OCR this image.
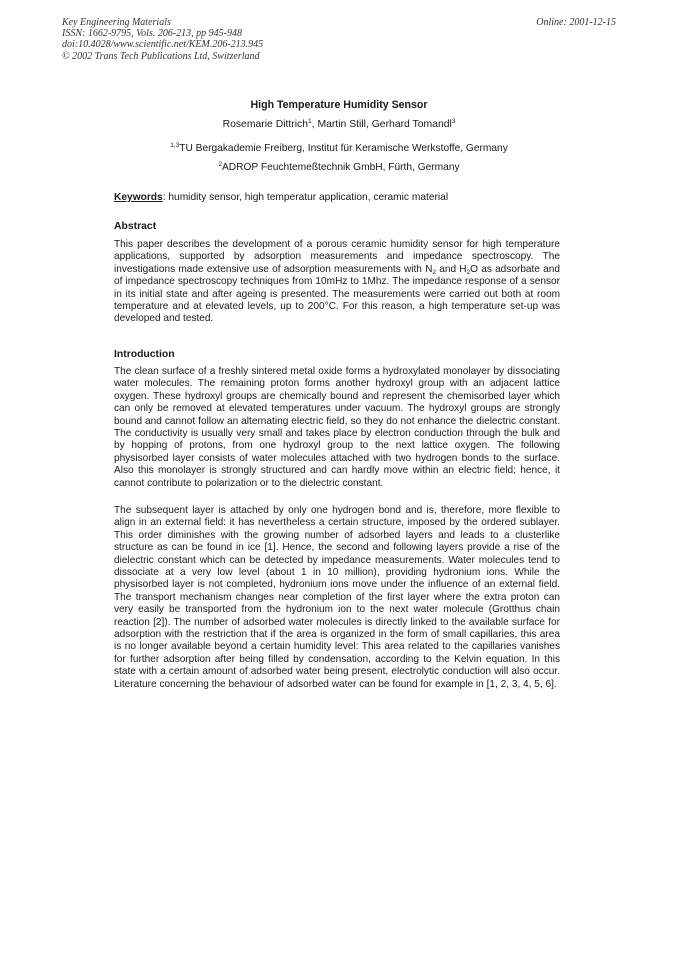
Key Engineering Materials
ISSN: 1662-9795, Vols. 206-213, pp 945-948
doi:10.4028/www.scientific.net/KEM.206-213.945
© 2002 Trans Tech Publications Ltd, Switzerland
Online: 2001-12-15
High Temperature Humidity Sensor
Rosemarie Dittrich$^1$, Martin Still, Gerhard Tomandl$^3$
$^{1,3}$TU Bergakademie Freiberg, Institut für Keramische Werkstoffe, Germany
$^2$ADROP Feuchtemeßtechnik GmbH, Fürth, Germany
Keywords: humidity sensor, high temperatur application, ceramic material
Abstract
This paper describes the development of a porous ceramic humidity sensor for high temperature applications, supported by adsorption measurements and impedance spectroscopy. The investigations made extensive use of adsorption measurements with $N_2$ and $H_2O$ as adsorbate and of impedance spectroscopy techniques from 10mHz to 1Mhz. The impedance response of a sensor in its initial state and after ageing is presented. The measurements were carried out both at room temperature and at elevated levels, up to 200°C. For this reason, a high temperature set-up was developed and tested.
Introduction
The clean surface of a freshly sintered metal oxide forms a hydroxylated monolayer by dissociating water molecules. The remaining proton forms another hydroxyl group with an adjacent lattice oxygen. These hydroxyl groups are chemically bound and represent the chemisorbed layer which can only be removed at elevated temperatures under vacuum. The hydroxyl groups are strongly bound and cannot follow an alternating electric field, so they do not enhance the dielectric constant. The conductivity is usually very small and takes place by electron conduction through the bulk and by hopping of protons, from one hydroxyl group to the next lattice oxygen. The following physisorbed layer consists of water molecules attached with two hydrogen bonds to the surface. Also this monolayer is strongly structured and can hardly move within an electric field; hence, it cannot contribute to polarization or to the dielectric constant.
The subsequent layer is attached by only one hydrogen bond and is, therefore, more flexible to align in an external field: it has nevertheless a certain structure, imposed by the ordered sublayer. This order diminishes with the growing number of adsorbed layers and leads to a clusterlike structure as can be found in ice [1]. Hence, the second and following layers provide a rise of the dielectric constant which can be detected by impedance measurements. Water molecules tend to dissociate at a very low level (about 1 in 10 million), providing hydronium ions. While the physisorbed layer is not completed, hydronium ions move under the influence of an external field. The transport mechanism changes near completion of the first layer where the extra proton can very easily be transported from the hydronium ion to the next water molecule (Grotthus chain reaction [2]). The number of adsorbed water molecules is directly linked to the available surface for adsorption with the restriction that if the area is organized in the form of small capillaries, this area is no longer available beyond a certain humidity level: This area related to the capillaries vanishes for further adsorption after being filled by condensation, according to the Kelvin equation. In this state with a certain amount of adsorbed water being present, electrolytic conduction will also occur. Literature concerning the behaviour of adsorbed water can be found for example in [1, 2, 3, 4, 5, 6].
